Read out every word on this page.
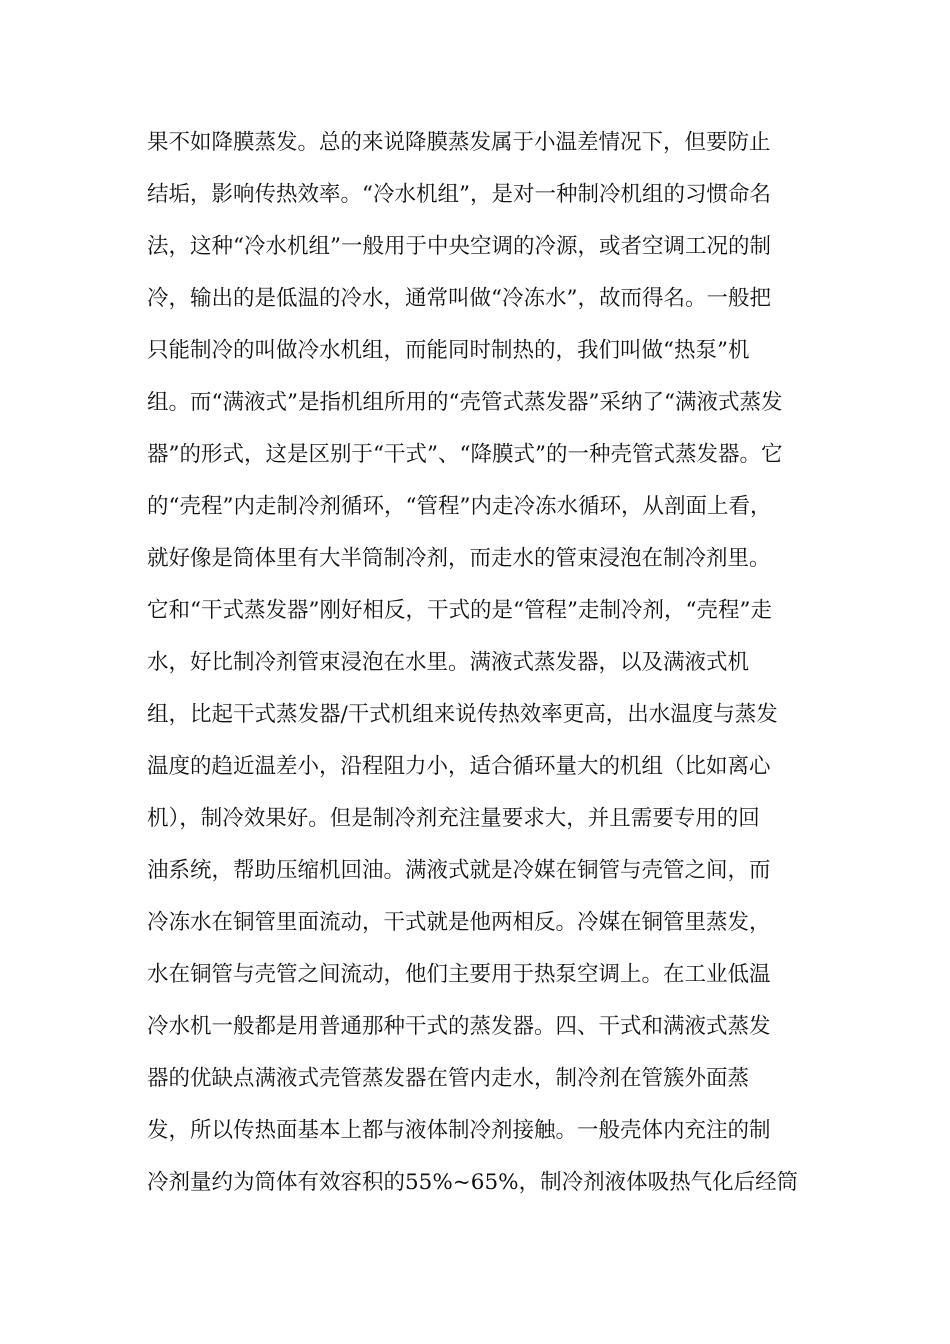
果不如降膜蒸发。总的来说降膜蒸发属于小温差情况下，但要防止
结垢，影响传热效率。“冷水机组”，是对一种制冷机组的习惯命名
法，这种“冷水机组”一般用于中央空调的冷源，或者空调工况的制
冷，输出的是低温的冷水，通常叫做“冷冻水”，故而得名。一般把
只能制冷的叫做冷水机组，而能同时制热的，我们叫做“热泵”机
组。而“满液式”是指机组所用的“壳管式蒸发器”采纳了“满液式蒸发
器”的形式，这是区别于“干式”、“降膜式”的一种壳管式蒸发器。它
的“壳程”内走制冷剂循环，“管程”内走冷冻水循环，从剖面上看，
就好像是筒体里有大半筒制冷剂，而走水的管束浸泡在制冷剂里。
它和“干式蒸发器”刚好相反，干式的是“管程”走制冷剂，“壳程”走
水，好比制冷剂管束浸泡在水里。满液式蒸发器，以及满液式机
组，比起干式蒸发器/干式机组来说传热效率更高，出水温度与蒸发
温度的趋近温差小，沿程阻力小，适合循环量大的机组（比如离心
机），制冷效果好。但是制冷剂充注量要求大，并且需要专用的回
油系统，帮助压缩机回油。满液式就是冷媒在铜管与壳管之间，而
冷冻水在铜管里面流动，干式就是他两相反。冷媒在铜管里蒸发，
水在铜管与壳管之间流动，他们主要用于热泵空调上。在工业低温
冷水机一般都是用普通那种干式的蒸发器。四、干式和满液式蒸发
器的优缺点满液式壳管蒸发器在管内走水，制冷剂在管簇外面蒸
发，所以传热面基本上都与液体制冷剂接触。一般壳体内充注的制
冷剂量约为筒体有效容积的55%~65%，制冷剂液体吸热气化后经筒
